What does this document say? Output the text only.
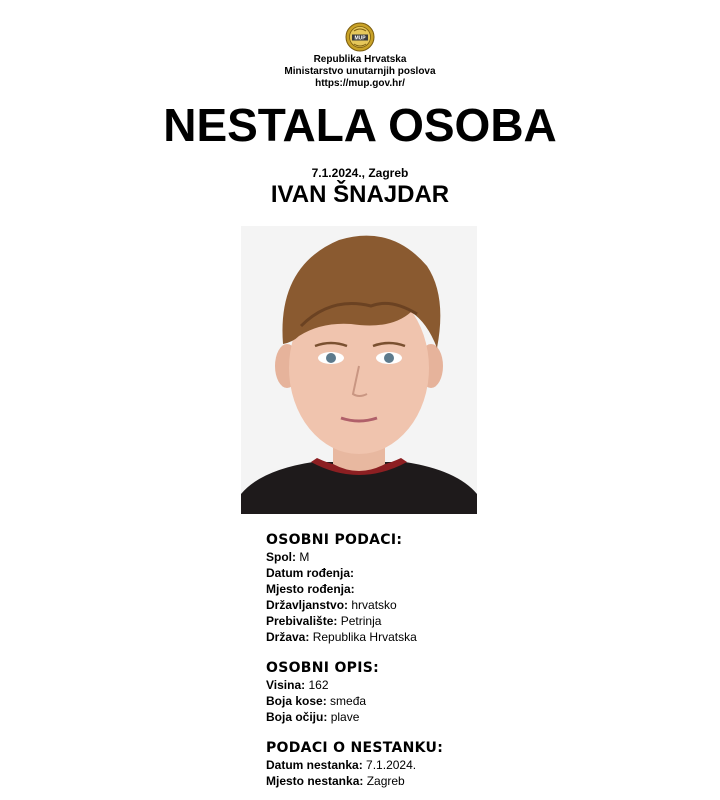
MUP
Republika Hrvatska
Ministarstvo unutarnjih poslova
https://mup.gov.hr/
NESTALA OSOBA
7.1.2024., Zagreb
IVAN ŠNAJDAR
OSOBNI PODACI:
Spol: M
Datum rođenja:
Mjesto rođenja:
Državljanstvo: hrvatsko
Prebivalište: Petrinja
Država: Republika Hrvatska
OSOBNI OPIS:
Visina: 162
Boja kose: smeđa
Boja očiju: plave
PODACI O NESTANKU:
Datum nestanka: 7.1.2024.
Mjesto nestanka: Zagreb
